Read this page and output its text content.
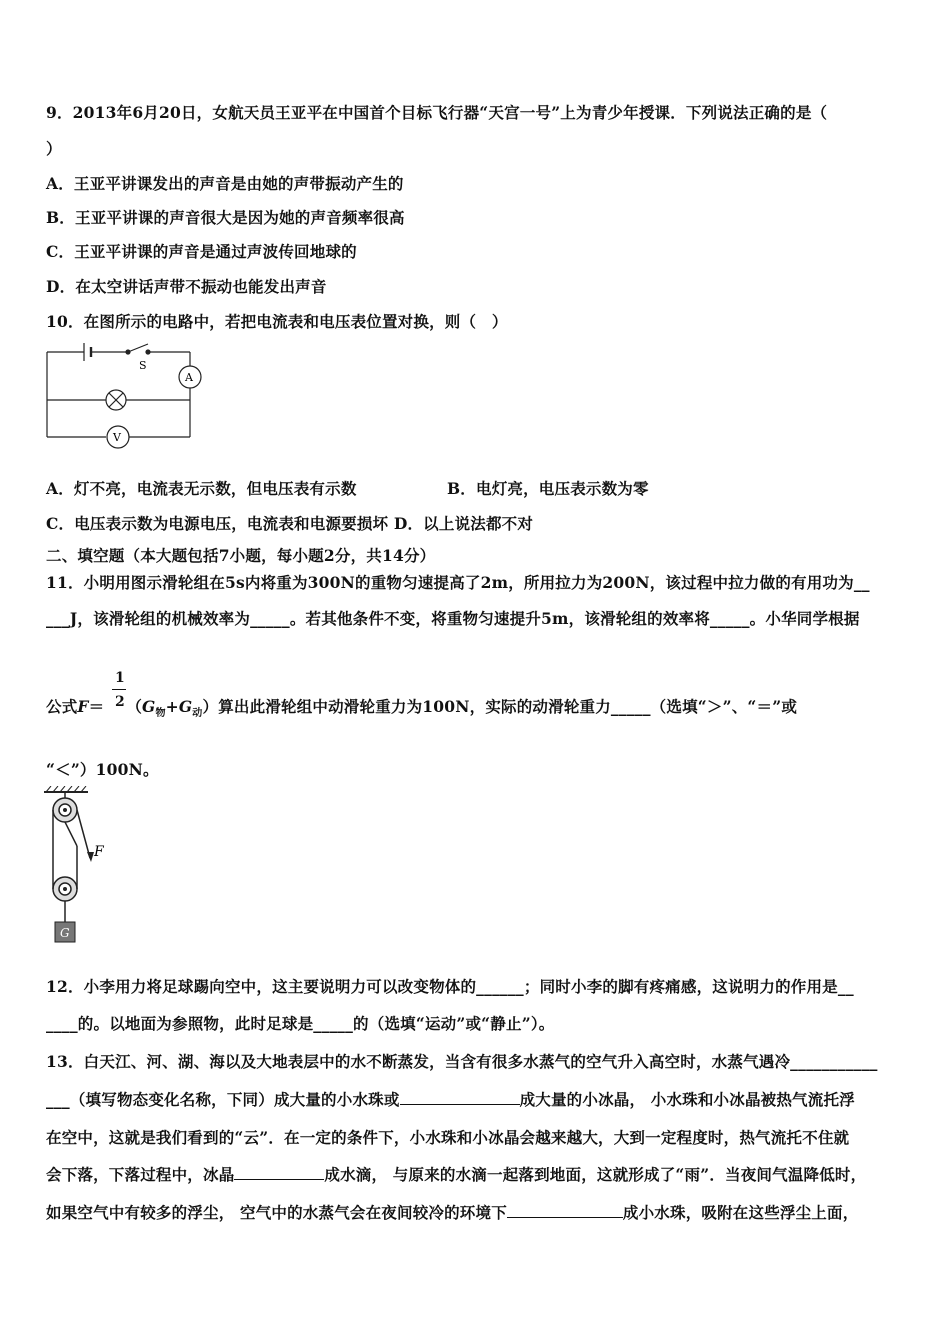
9．2013年6月20日，女航天员王亚平在中国首个目标飞行器“天宫一号”上为青少年授课．下列说法正确的是（
）
A．王亚平讲课发出的声音是由她的声带振动产生的
B．王亚平讲课的声音很大是因为她的声音频率很高
C．王亚平讲课的声音是通过声波传回地球的
D．在太空讲话声带不振动也能发出声音
10．在图所示的电路中，若把电流表和电压表位置对换，则（　）
S
A
V
A．灯不亮，电流表无示数，但电压表有示数	B．电灯亮，电压表示数为零
C．电压表示数为电源电压，电流表和电源要损坏 D．以上说法都不对
二、填空题（本大题包括7小题，每小题2分，共14分）
11．小明用图示滑轮组在5s内将重为300N的重物匀速提高了2m，所用拉力为200N，该过程中拉力做的有用功为__
___J，该滑轮组的机械效率为_____。若其他条件不变，将重物匀速提升5m，该滑轮组的效率将_____。小华同学根据
1
2
公式$F= (G_物+G_动)$算出此滑轮组中动滑轮重力为100N，实际的动滑轮重力_____（选填“＞”、“＝”或
“＜”）100N。
F
G
12．小李用力将足球踢向空中，这主要说明力可以改变物体的______；同时小李的脚有疼痛感，这说明力的作用是__
____的。以地面为参照物，此时足球是_____的（选填“运动”或“静止”）。
13．白天江、河、湖、海以及大地表层中的水不断蒸发，当含有很多水蒸气的空气升入高空时，水蒸气遇冷___________
___（填写物态变化名称，下同）成大量的小水珠或	成大量的小冰晶， 小水珠和小冰晶被热气流托浮
在空中，这就是我们看到的“云”．在一定的条件下，小水珠和小冰晶会越来越大，大到一定程度时，热气流托不住就
会下落，下落过程中，冰晶	成水滴， 与原来的水滴一起落到地面，这就形成了“雨”．当夜间气温降低时，
如果空气中有较多的浮尘， 空气中的水蒸气会在夜间较冷的环境下	成小水珠，吸附在这些浮尘上面，
